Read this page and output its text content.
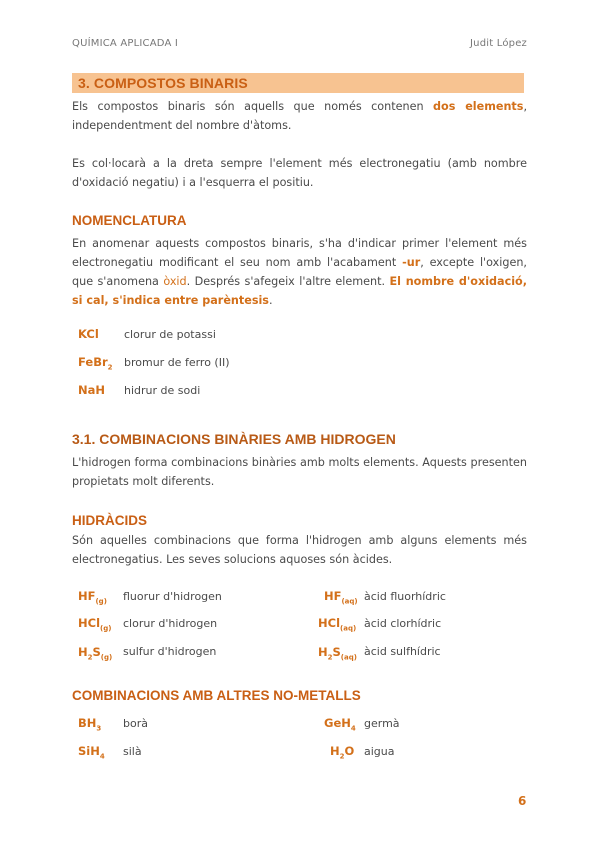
QUÍMICA APLICADA I	Judit López
3. COMPOSTOS BINARIS
Els compostos binaris són aquells que només contenen dos elements, independentment del nombre d'àtoms.
Es col·locarà a la dreta sempre l'element més electronegatiu (amb nombre d'oxidació negatiu) i a l'esquerra el positiu.
NOMENCLATURA
En anomenar aquests compostos binaris, s'ha d'indicar primer l'element més electronegatiu modificant el seu nom amb l'acabament -ur, excepte l'oxigen, que s'anomena òxid. Després s'afegeix l'altre element. El nombre d'oxidació, si cal, s'indica entre parèntesis.
KCl clorur de potassi
FeBr$_2$ bromur de ferro (II)
NaH hidrur de sodi
3.1. COMBINACIONS BINÀRIES AMB HIDROGEN
L'hidrogen forma combinacions binàries amb molts elements. Aquests presenten propietats molt diferents.
HIDRÀCIDS
Són aquelles combinacions que forma l'hidrogen amb alguns elements més electronegatius. Les seves solucions aquoses són àcides.
$HF_{(g)}$ fluorur d'hidrogen	$HF_{(aq)}$ àcid fluorhídric
HCl$_{(g)}$ clorur d'hidrogen	HCl$_{(aq)}$ àcid clorhídric
$H_2S_{(g)}$ sulfur d'hidrogen	$H_2S_{(aq)}$ àcid sulfhídric
COMBINACIONS AMB ALTRES NO-METALLS
$BH_3$ borà	GeH$_4$ germà
SiH$_4$ silà	$H_2O$ aigua
6
